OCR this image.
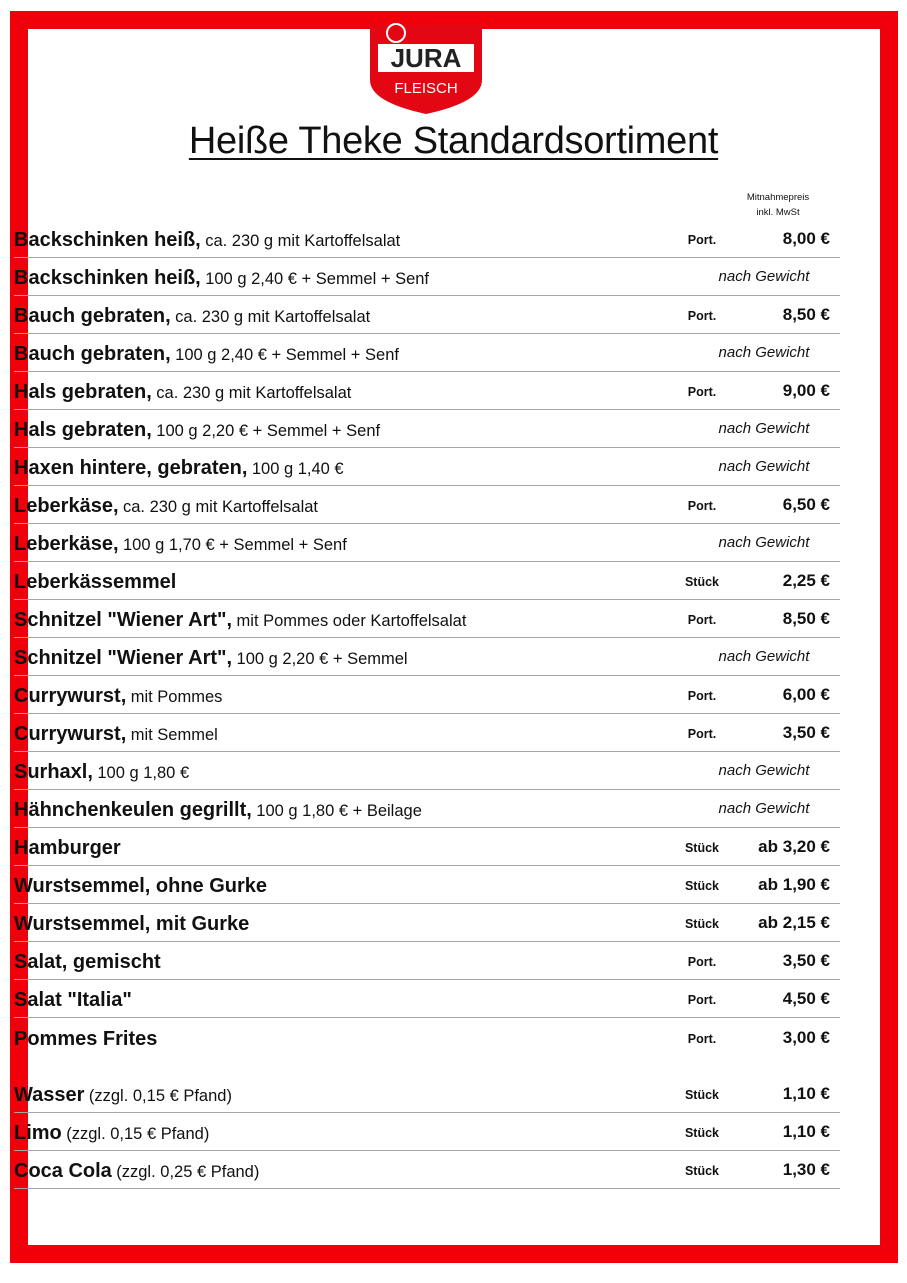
JURA
FLEISCH
Heiße Theke Standardsortiment
Mitnahmepreis
inkl. MwSt
Backschinken heiß, ca. 230 g mit Kartoffelsalat	Port.	8,00 €
Backschinken heiß, 100 g 2,40 € + Semmel + Senf	nach Gewicht
Bauch gebraten, ca. 230 g mit Kartoffelsalat	Port.	8,50 €
Bauch gebraten, 100 g 2,40 € + Semmel + Senf	nach Gewicht
Hals gebraten, ca. 230 g mit Kartoffelsalat	Port.	9,00 €
Hals gebraten, 100 g 2,20 € + Semmel + Senf	nach Gewicht
Haxen hintere, gebraten, 100 g 1,40 €	nach Gewicht
Leberkäse, ca. 230 g mit Kartoffelsalat	Port.	6,50 €
Leberkäse, 100 g 1,70 € + Semmel + Senf	nach Gewicht
Leberkässemmel	Stück	2,25 €
Schnitzel "Wiener Art", mit Pommes oder Kartoffelsalat	Port.	8,50 €
Schnitzel "Wiener Art", 100 g 2,20 € + Semmel	nach Gewicht
Currywurst, mit Pommes	Port.	6,00 €
Currywurst, mit Semmel	Port.	3,50 €
Surhaxl, 100 g 1,80 €	nach Gewicht
Hähnchenkeulen gegrillt, 100 g 1,80 € + Beilage	nach Gewicht
Hamburger	Stück	ab 3,20 €
Wurstsemmel, ohne Gurke	Stück	ab 1,90 €
Wurstsemmel, mit Gurke	Stück	ab 2,15 €
Salat, gemischt	Port.	3,50 €
Salat "Italia"	Port.	4,50 €
Pommes Frites	Port.	3,00 €
Wasser (zzgl. 0,15 € Pfand)	Stück	1,10 €
Limo (zzgl. 0,15 € Pfand)	Stück	1,10 €
Coca Cola (zzgl. 0,25 € Pfand)	Stück	1,30 €
